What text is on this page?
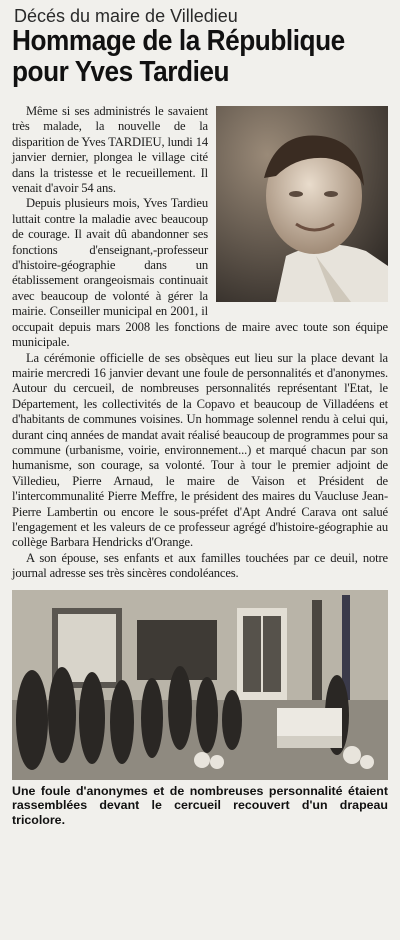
Décés du maire de Villedieu
Hommage de la République
pour Yves Tardieu

Même si ses administrés le savaient très malade, la nouvelle de la disparition de Yves TARDIEU, lundi 14 janvier dernier, plongea le village cité dans la tristesse et le recueillement. Il venait d'avoir 54 ans.

Depuis plusieurs mois, Yves Tardieu luttait contre la maladie avec beaucoup de courage. Il avait dû abandonner ses fonctions d'enseignant,-professeur d'histoire-géographie dans un établissement orangeoismais continuait avec beaucoup de volonté à gérer la mairie. Conseiller municipal en 2001, il occupait depuis mars 2008 les fonctions de maire avec toute son équipe municipale.

La cérémonie officielle de ses obsèques eut lieu sur la place devant la mairie mercredi 16 janvier devant une foule de personnalités et d'anonymes. Autour du cercueil, de nombreuses personnalités représentant l'Etat, le Département, les collectivités de la Copavo et beaucoup de Villadéens et d'habitants de communes voisines. Un hommage solennel rendu à celui qui, durant cinq années de mandat avait réalisé beaucoup de programmes pour sa commune (urbanisme, voirie, environnement...) et marqué chacun par son humanisme, son courage, sa volonté. Tour à tour le premier adjoint de Villedieu, Pierre Arnaud, le maire de Vaison et Président de l'intercommunalité Pierre Meffre, le président des maires du Vaucluse Jean-Pierre Lambertin ou encore le sous-préfet d'Apt André Carava ont salué l'engagement et les valeurs de ce professeur agrégé d'histoire-géographie au collège Barbara Hendricks d'Orange.

A son épouse, ses enfants et aux familles touchées par ce deuil, notre journal adresse ses très sincères condoléances.

Une foule d'anonymes et de nombreuses personnalité étaient rassemblées devant le cercueil recouvert d'un drapeau tricolore.
